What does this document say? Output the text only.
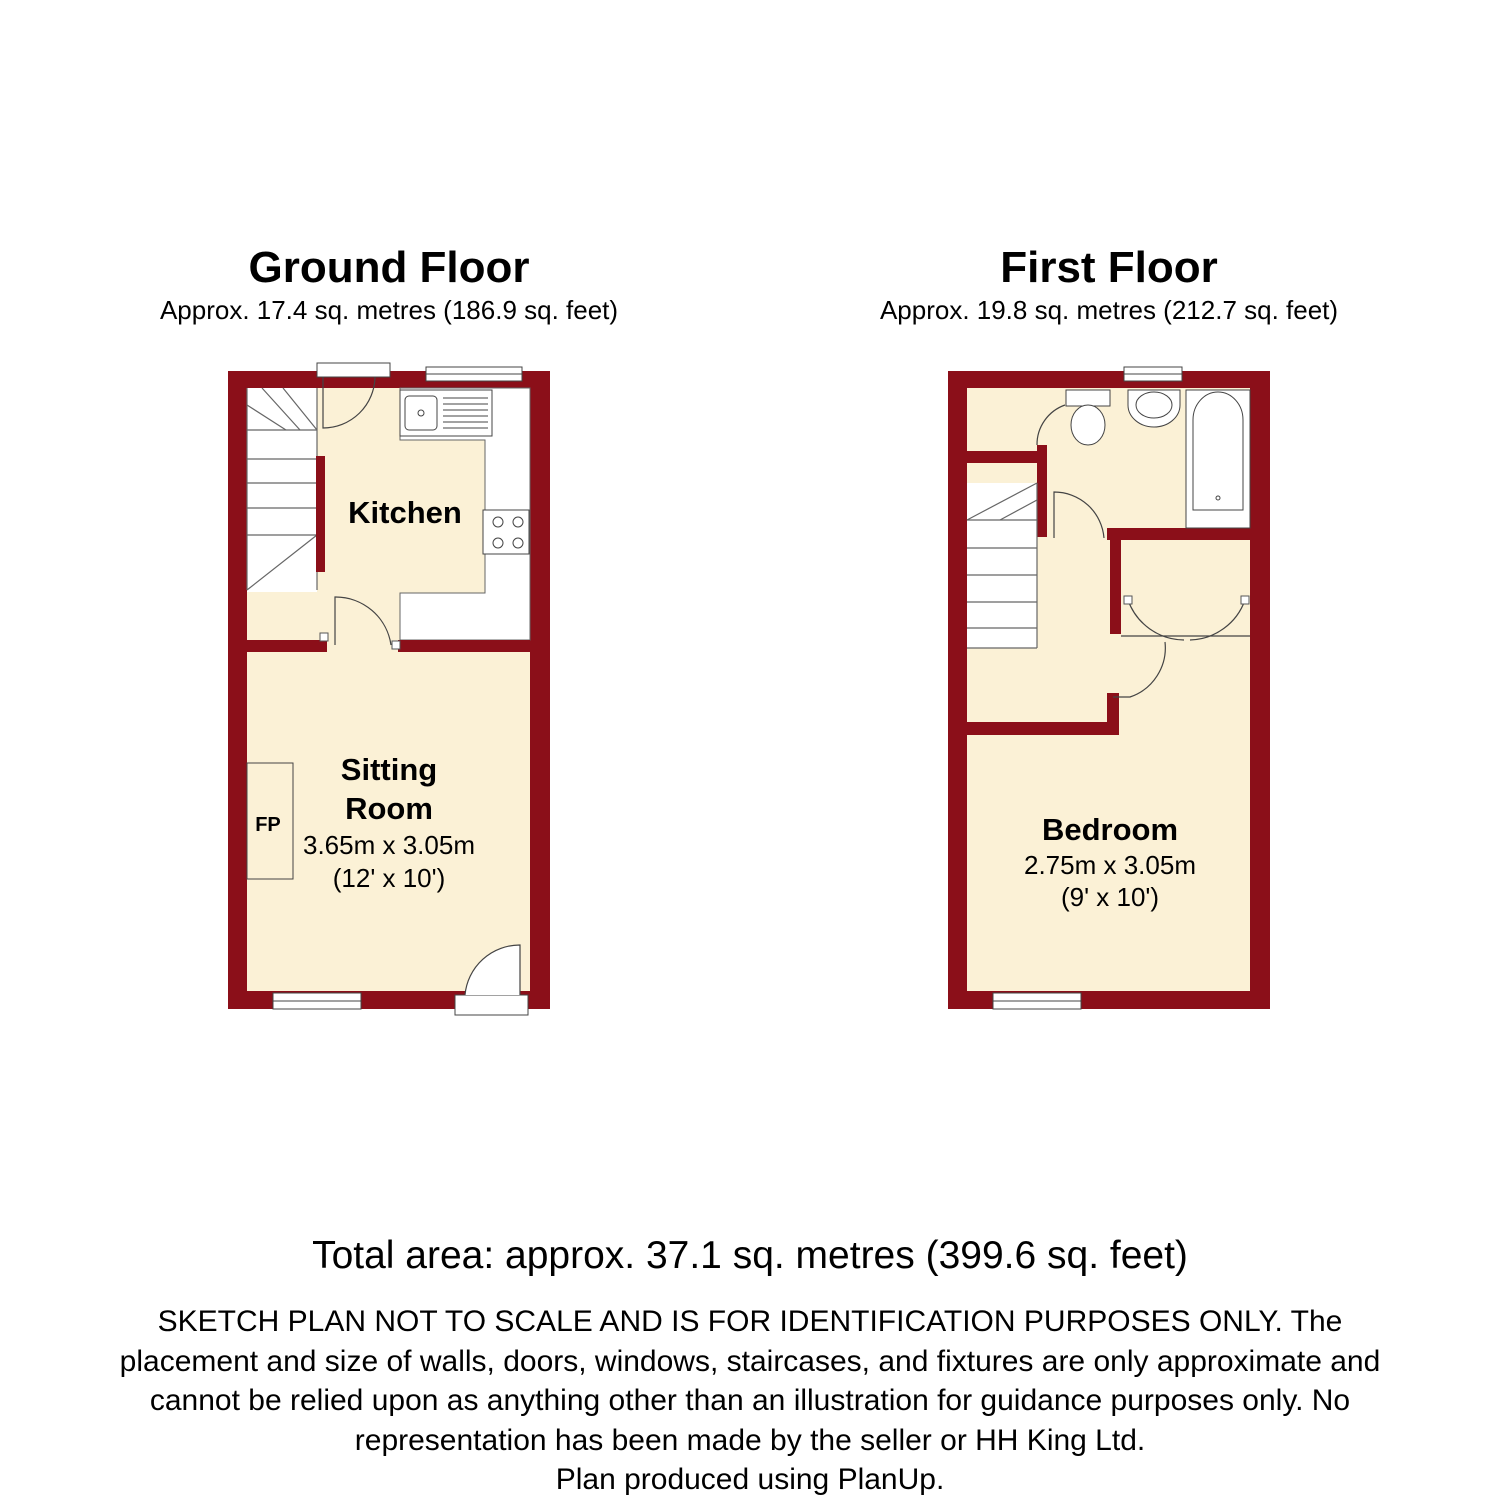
Ground Floor
Approx. 17.4 sq. metres (186.9 sq. feet)
First Floor
Approx. 19.8 sq. metres (212.7 sq. feet)
Kitchen
Sitting
Room
3.65m x 3.05m
(12' x 10')
FP	Bedroom
2.75m x 3.05m
(9' x 10')
Total area: approx. 37.1 sq. metres (399.6 sq. feet)
SKETCH PLAN NOT TO SCALE AND IS FOR IDENTIFICATION PURPOSES ONLY. The
placement and size of walls, doors, windows, staircases, and fixtures are only approximate and
cannot be relied upon as anything other than an illustration for guidance purposes only. No
representation has been made by the seller or HH King Ltd.
Plan produced using PlanUp.
